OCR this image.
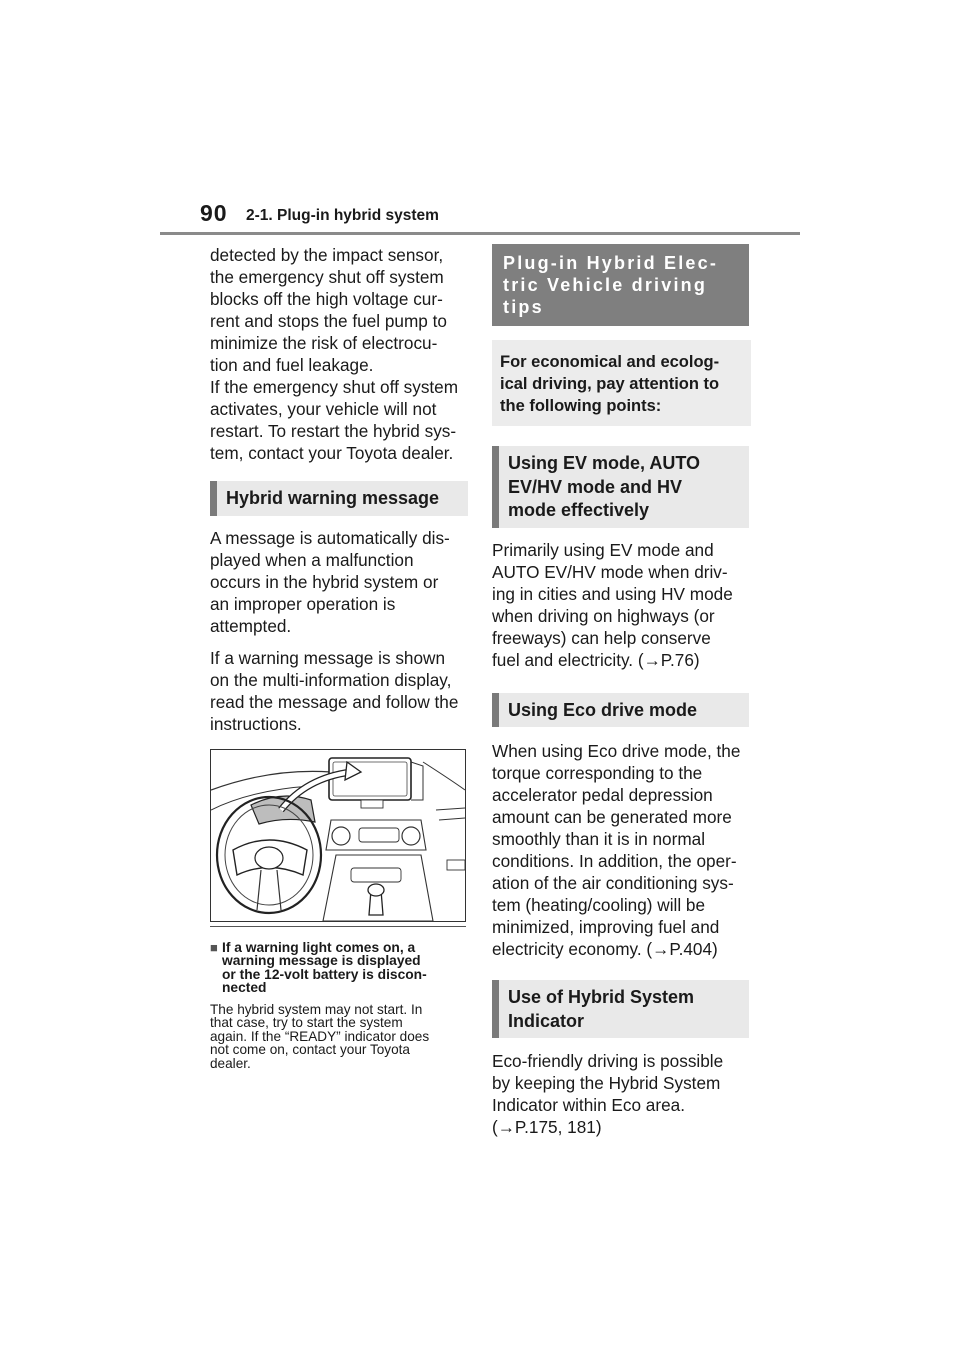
90 2-1. Plug-in hybrid system

detected by the impact sensor,
the emergency shut off system
blocks off the high voltage cur-
rent and stops the fuel pump to
minimize the risk of electrocu-
tion and fuel leakage.

If the emergency shut off system
activates, your vehicle will not
restart. To restart the hybrid sys-
tem, contact your Toyota dealer.

Hybrid warning message

A message is automatically dis-
played when a malfunction
occurs in the hybrid system or
an improper operation is
attempted.

If a warning message is shown
on the multi-information display,
read the message and follow the
instructions.

■ If a warning light comes on, a
warning message is displayed
or the 12-volt battery is discon-
nected
The hybrid system may not start. In
that case, try to start the system
again. If the “READY” indicator does
not come on, contact your Toyota
dealer.
Plug-in Hybrid Elec-
tric Vehicle driving
tips
For economical and ecolog-
ical driving, pay attention to
the following points:
Using EV mode, AUTO
EV/HV mode and HV
mode effectively

Primarily using EV mode and
AUTO EV/HV mode when driv-
ing in cities and using HV mode
when driving on highways (or
freeways) can help conserve
fuel and electricity. (→P.76)

Using Eco drive mode

When using Eco drive mode, the
torque corresponding to the
accelerator pedal depression
amount can be generated more
smoothly than it is in normal
conditions. In addition, the oper-
ation of the air conditioning sys-
tem (heating/cooling) will be
minimized, improving fuel and
electricity economy. (→P.404)

Use of Hybrid System
Indicator

Eco-friendly driving is possible
by keeping the Hybrid System
Indicator within Eco area.
(→P.175, 181)
